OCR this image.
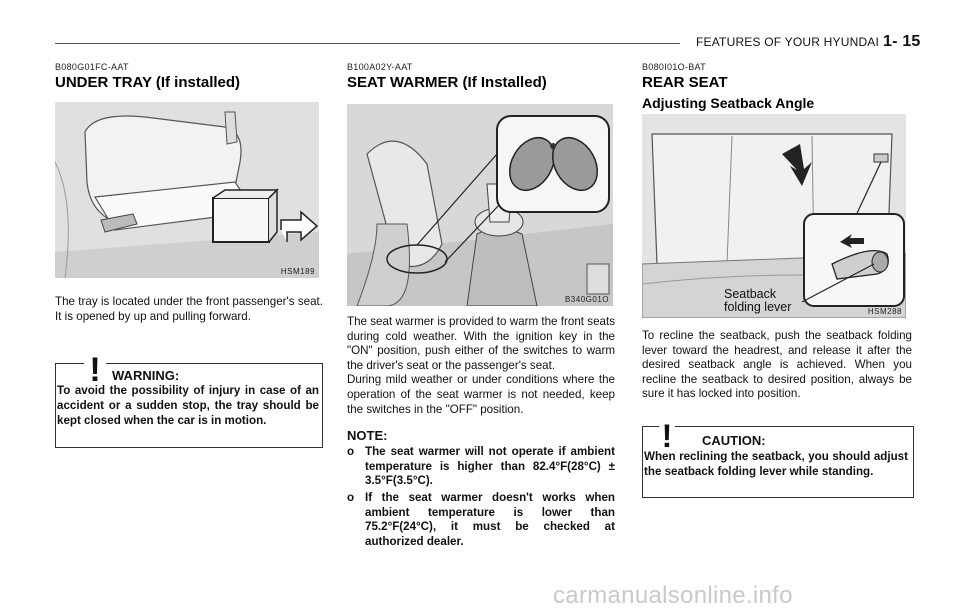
FEATURES OF YOUR HYUNDAI 1- 15
B080G01FC-AAT
UNDER TRAY (If installed)
HSM189
The tray is located under the front passenger's seat. It is opened by up and pulling forward.
! WARNING:
To avoid the possibility of injury in case of an accident or a sudden stop, the tray should be kept closed when the car is in motion.
B100A02Y-AAT
SEAT WARMER (If Installed)
B340G01O
The seat warmer is provided to warm the front seats during cold weather. With the ignition key in the "ON" position, push either of the switches to warm the driver's seat or the passenger's seat.
During mild weather or under conditions where the operation of the seat warmer is not needed, keep the switches in the "OFF" position.
NOTE:
o The seat warmer will not operate if ambient temperature is higher than 82.4°F(28°C) ± 3.5°F(3.5°C).
o If the seat warmer doesn't works when ambient temperature is lower than 75.2°F(24°C), it must be checked at authorized dealer.
B080I01O-BAT
REAR SEAT
Adjusting Seatback Angle
Seatback
folding lever	HSM288
To recline the seatback, push the seatback folding lever toward the headrest, and release it after the desired seatback angle is achieved. When you recline the seatback to desired position, always be sure it has locked into position.
! CAUTION:
When reclining the seatback, you should adjust the seatback folding lever while standing.
carmanualsonline.info
